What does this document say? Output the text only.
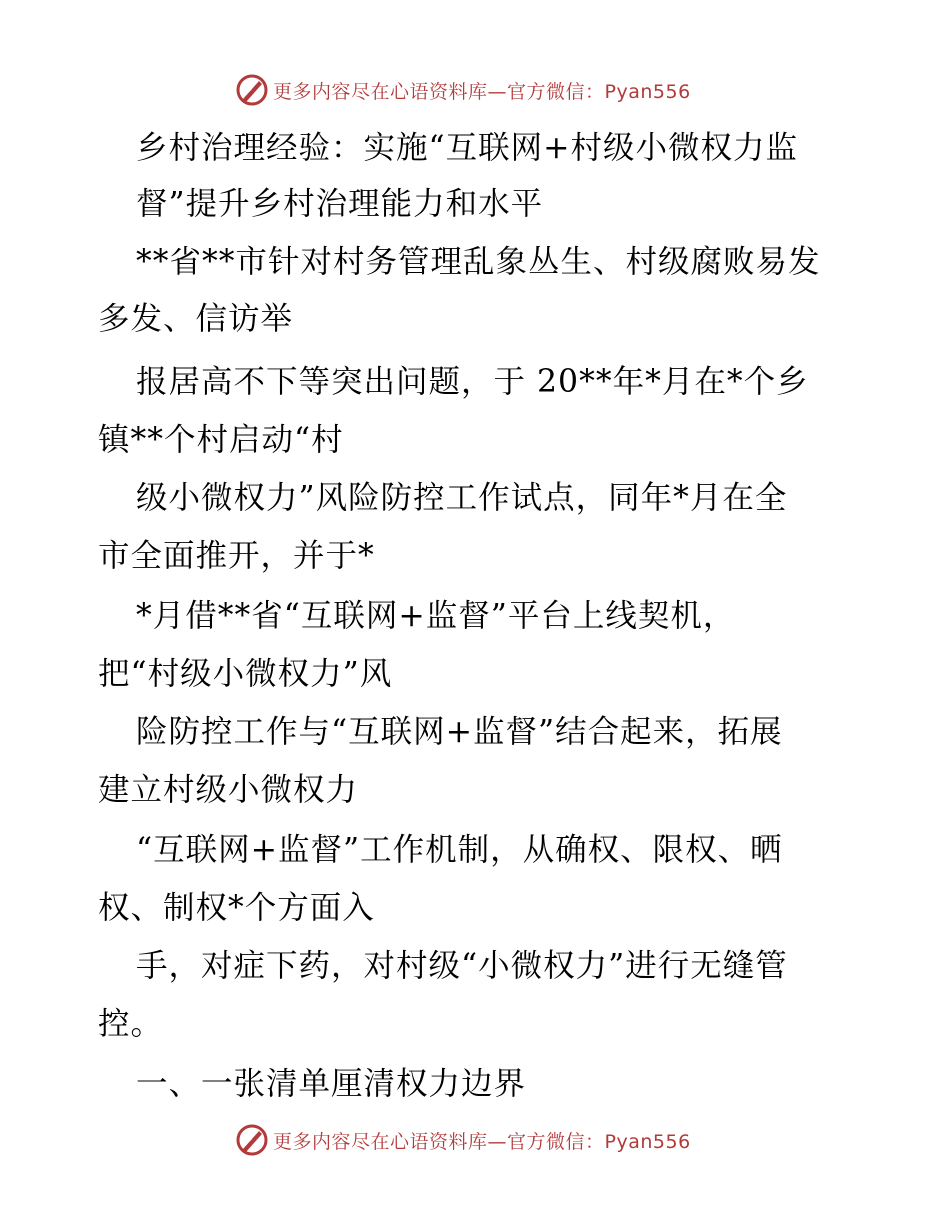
更多内容尽在心语资料库—官方微信：Pyan556
乡村治理经验：实施“互联网+村级小微权力监
督”提升乡村治理能力和水平
**省**市针对村务管理乱象丛生、村级腐败易发
多发、信访举
报居高不下等突出问题，于 20**年*月在*个乡
镇**个村启动“村
级小微权力”风险防控工作试点，同年*月在全
市全面推开，并于*
*月借**省“互联网+监督”平台上线契机，
把“村级小微权力”风
险防控工作与“互联网+监督”结合起来，拓展
建立村级小微权力
“互联网+监督”工作机制，从确权、限权、晒
权、制权*个方面入
手，对症下药，对村级“小微权力”进行无缝管
控。
一、一张清单厘清权力边界
更多内容尽在心语资料库—官方微信：Pyan556
